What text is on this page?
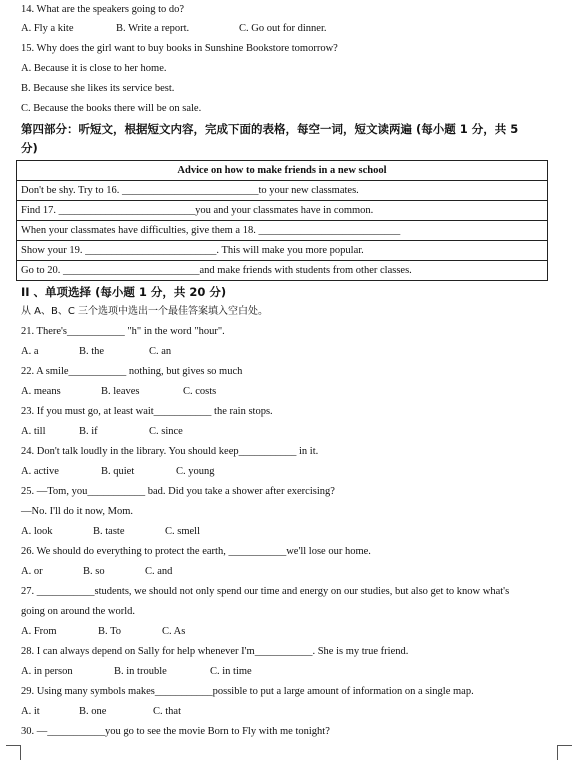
14. What are the speakers going to do?
A. Fly a kite	B. Write a report.	C. Go out for dinner.
15. Why does the girl want to buy books in Sunshine Bookstore tomorrow?
A. Because it is close to her home.
B. Because she likes its service best.
C. Because the books there will be on sale.
第四部分：听短文，根据短文内容，完成下面的表格，每空一词，短文读两遍 (每小题 1 分，共 5
分)
Advice on how to make friends in a new school
Don't be shy. Try to 16. __________________________to your new classmates.
Find 17. __________________________you and your classmates have in common.
When your classmates have difficulties, give them a 18. ___________________________
Show your 19. _________________________. This will make you more popular.
Go to 20. __________________________and make friends with students from other classes.
II 、单项选择 (每小题 1 分，共 20 分)
从 A、B、C 三个选项中选出一个最佳答案填入空白处。
21. There's___________ "h" in the word "hour".
A. a	B. the	C. an
22. A smile___________ nothing, but gives so much
A. means	B. leaves	C. costs
23. If you must go, at least wait___________ the rain stops.
A. till	B. if	C. since
24. Don't talk loudly in the library. You should keep___________ in it.
A. active	B. quiet	C. young
25. —Tom, you___________ bad. Did you take a shower after exercising?
—No. I'll do it now, Mom.
A. look	B. taste	C. smell
26. We should do everything to protect the earth, ___________we'll lose our home.
A. or	B. so	C. and
27. ___________students, we should not only spend our time and energy on our studies, but also get to know what's
going on around the world.
A. From	B. To	C. As
28. I can always depend on Sally for help whenever I'm___________. She is my true friend.
A. in person	B. in trouble	C. in time
29. Using many symbols makes___________possible to put a large amount of information on a single map.
A. it	B. one	C. that
30. —___________you go to see the movie Born to Fly with me tonight?
